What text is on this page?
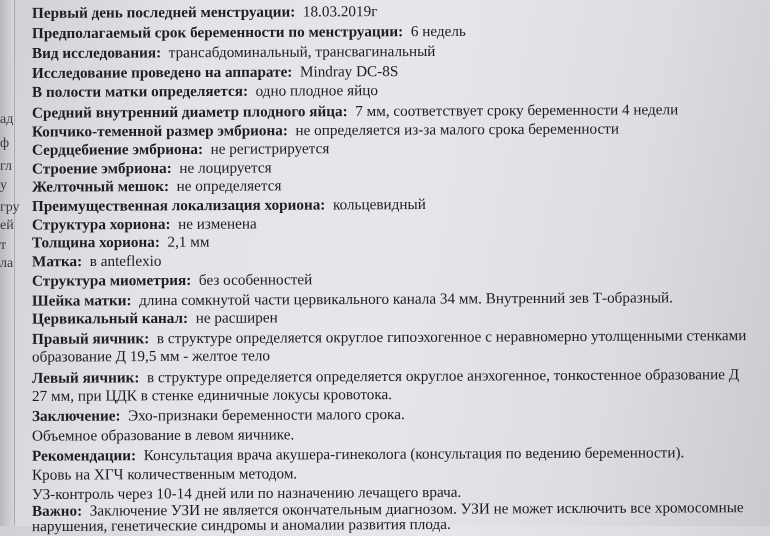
ад
ф
гл
у
гру
ей
т
ла
Первый день последней менструации: 18.03.2019г
Предполагаемый срок беременности по менструации: 6 недель
Вид исследования: трансабдоминальный, трансвагинальный
Исследование проведено на аппарате: Mindray DC-8S
В полости матки определяется: одно плодное яйцо
Средний внутренний диаметр плодного яйца: 7 мм, соответствует сроку беременности 4 недели
Копчико-теменной размер эмбриона: не определяется из-за малого срока беременности
Сердцебиение эмбриона: не регистрируется
Строение эмбриона: не лоцируется
Желточный мешок: не определяется
Преимущественная локализация хориона: кольцевидный
Структура хориона: не изменена
Толщина хориона: 2,1 мм
Матка: в anteflexio
Структура миометрия: без особенностей
Шейка матки: длина сомкнутой части цервикального канала 34 мм. Внутренний зев Т-образный.
Цервикальный канал: не расширен
Правый яичник: в структуре определяется округлое гипоэхогенное с неравномерно утолщенными стенками
образование Д 19,5 мм - желтое тело
Левый яичник: в структуре определяется определяется округлое анэхогенное, тонкостенное образование Д
27 мм, при ЦДК в стенке единичные локусы кровотока.
Заключение: Эхо-признаки беременности малого срока.
Объемное образование в левом яичнике.
Рекомендации: Консультация врача акушера-гинеколога (консультация по ведению беременности).
Кровь на ХГЧ количественным методом.
УЗ-контроль через 10-14 дней или по назначению лечащего врача.
Важно: Заключение УЗИ не является окончательным диагнозом. УЗИ не может исключить все хромосомные
нарушения, генетические синдромы и аномалии развития плода.
